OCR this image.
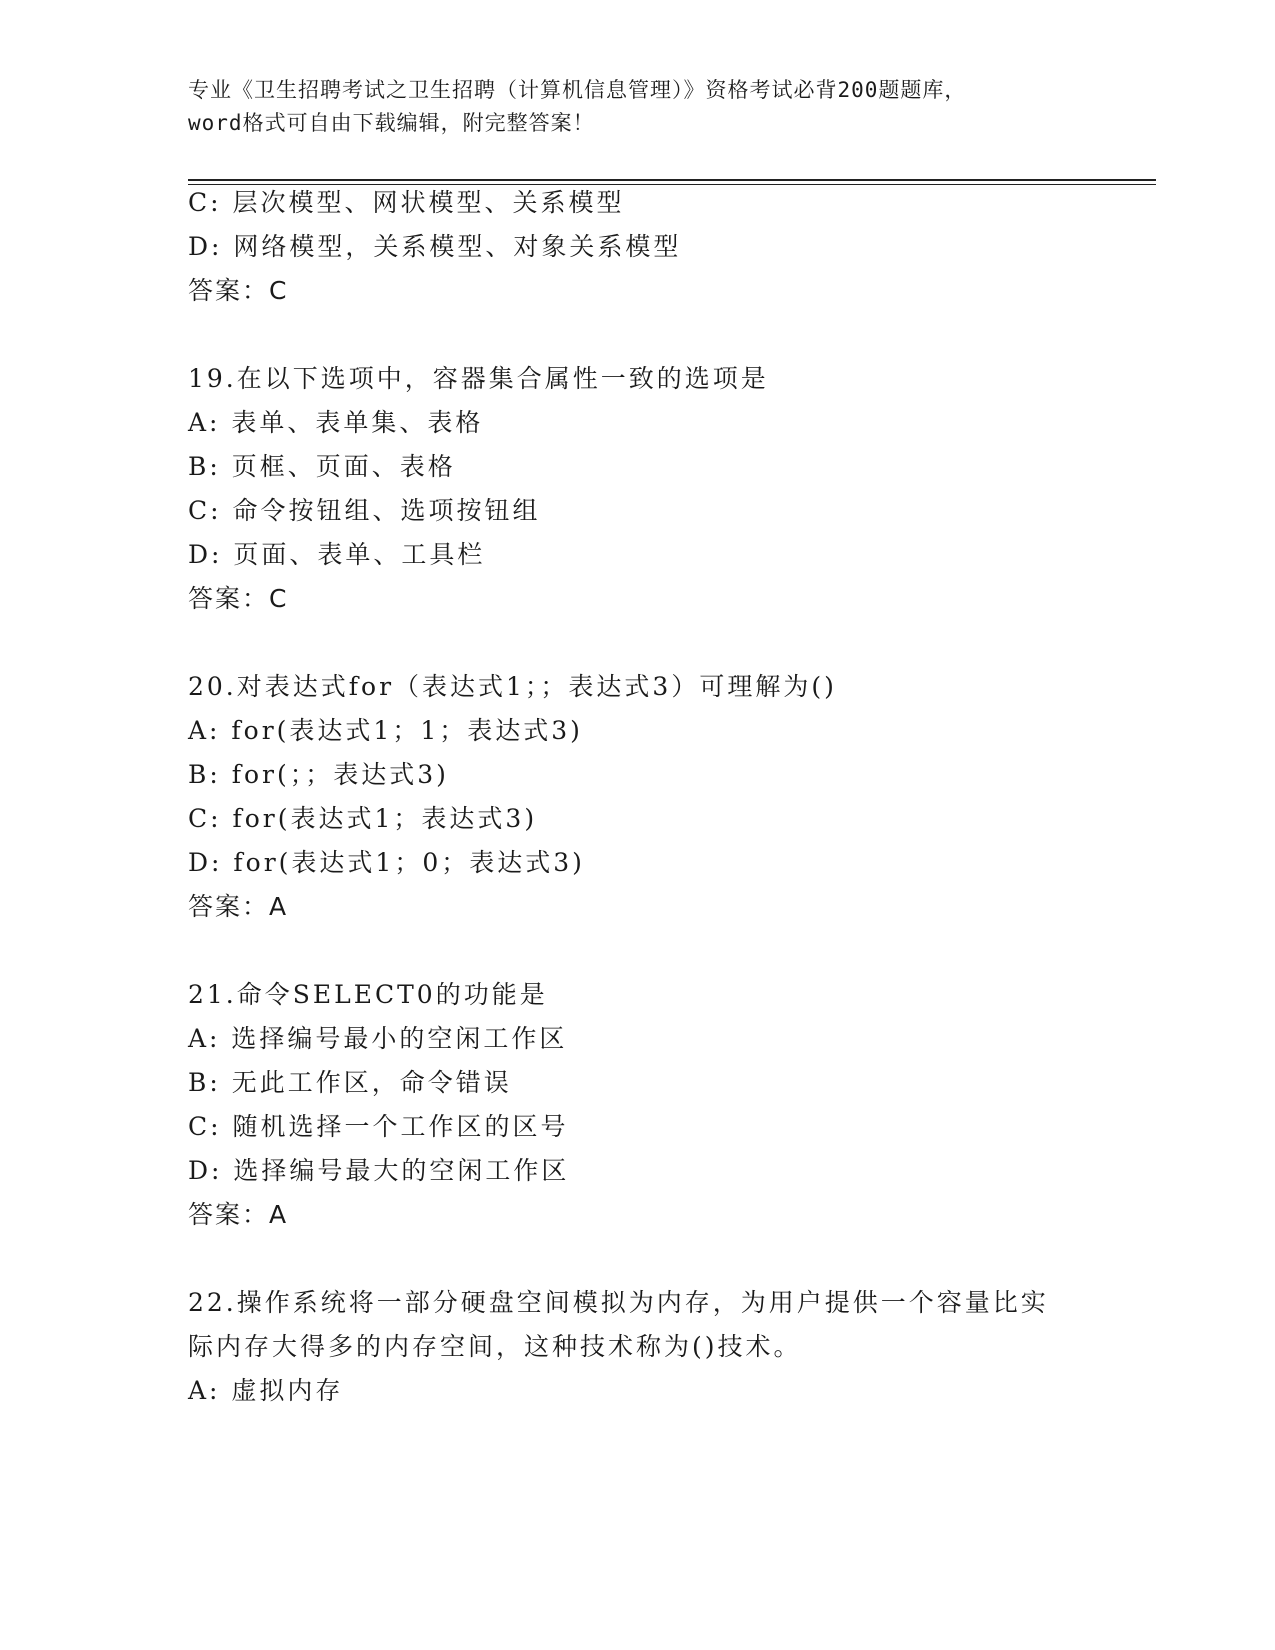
专业《卫生招聘考试之卫生招聘（计算机信息管理）》资格考试必背200题题库，
word格式可自由下载编辑，附完整答案！
C: 层次模型、网状模型、关系模型
D: 网络模型，关系模型、对象关系模型
答案：C
19.在以下选项中，容器集合属性一致的选项是
A: 表单、表单集、表格
B: 页框、页面、表格
C: 命令按钮组、选项按钮组
D: 页面、表单、工具栏
答案：C
20.对表达式for（表达式1；；表达式3）可理解为()
A: for(表达式1；1；表达式3)
B: for(；；表达式3)
C: for(表达式1；表达式3)
D: for(表达式1；0；表达式3)
答案：A
21.命令SELECT0的功能是
A: 选择编号最小的空闲工作区
B: 无此工作区，命令错误
C: 随机选择一个工作区的区号
D: 选择编号最大的空闲工作区
答案：A
22.操作系统将一部分硬盘空间模拟为内存，为用户提供一个容量比实
际内存大得多的内存空间，这种技术称为()技术。
A: 虚拟内存
